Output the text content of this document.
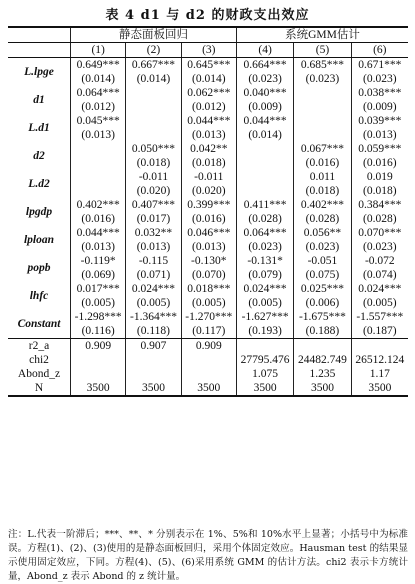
表 4 d1 与 d2 的财政支出效应
	静态面板回归			系统GMM估计		
	(1)	(2)	(3)	(4)	(5)	(6)
L.lpge	0.649***	0.667***	0.645***	0.664***	0.685***	0.671***
	(0.014)	(0.014)	(0.014)	(0.023)	(0.023)	(0.023)
d1	0.064***		0.062***	0.040***		0.038***
	(0.012)		(0.012)	(0.009)		(0.009)
L.d1	0.045***		0.044***	0.044***		0.039***
	(0.013)		(0.013)	(0.014)		(0.013)
d2		0.050***	0.042**		0.067***	0.059***
		(0.018)	(0.018)		(0.016)	(0.016)
L.d2		-0.011	-0.011		0.011	0.019
		(0.020)	(0.020)		(0.018)	(0.018)
lpgdp	0.402***	0.407***	0.399***	0.411***	0.402***	0.384***
	(0.016)	(0.017)	(0.016)	(0.028)	(0.028)	(0.028)
lploan	0.044***	0.032**	0.046***	0.064***	0.056**	0.070***
	(0.013)	(0.013)	(0.013)	(0.023)	(0.023)	(0.023)
popb	-0.119*	-0.115	-0.130*	-0.131*	-0.051	-0.072
	(0.069)	(0.071)	(0.070)	(0.079)	(0.075)	(0.074)
lhfc	0.017***	0.024***	0.018***	0.024***	0.025***	0.024***
	(0.005)	(0.005)	(0.005)	(0.005)	(0.006)	(0.005)
Constant	-1.298***	-1.364***	-1.270***	-1.627***	-1.675***	-1.557***
	(0.116)	(0.118)	(0.117)	(0.193)	(0.188)	(0.187)
r2_a	0.909	0.907	0.909			
chi2				27795.476	24482.749	26512.124
Abond_z				1.075	1.235	1.17
N	3500	3500	3500	3500	3500	3500
注：L.代表一阶滞后；***、**、* 分别表示在 1%、5%和 10%水平上显著；小括号中为标准误。方程(1)、(2)、(3)使用的是静态面板回归，采用个体固定效应。Hausman test 的结果显示使用固定效应，下同。方程(4)、(5)、(6)采用系统 GMM 的估计方法。chi2 表示卡方统计量，Abond_z 表示 Abond 的 z 统计量。
